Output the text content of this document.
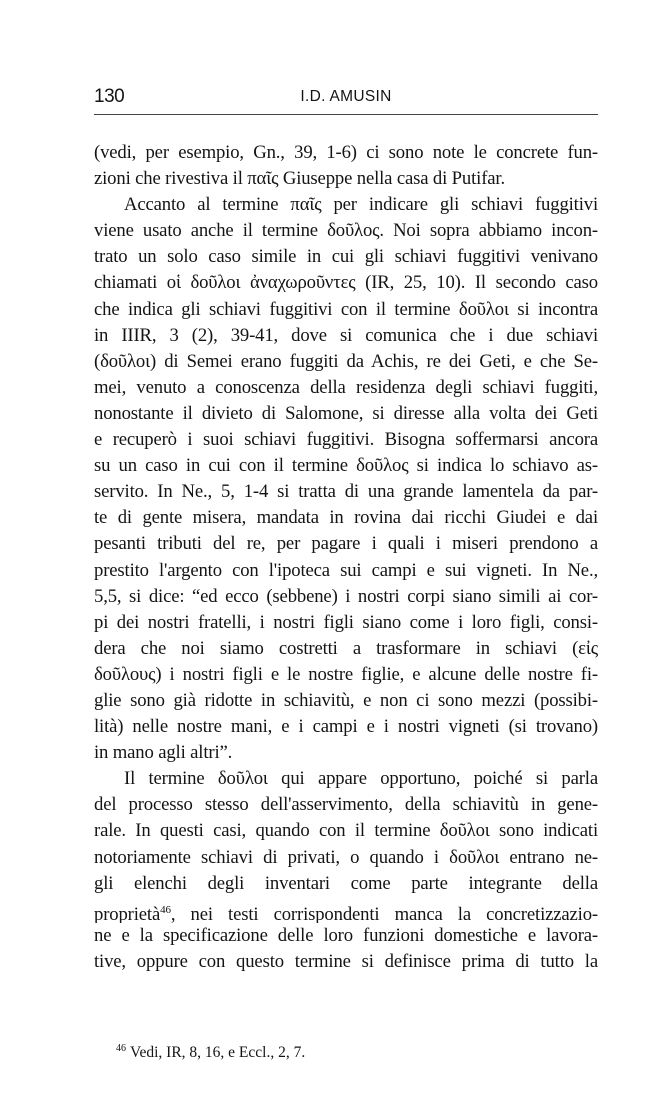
130	I.D. AMUSIN
(vedi, per esempio, Gn., 39, 1-6) ci sono note le concrete fun-
zioni che rivestiva il παῖς Giuseppe nella casa di Putifar.
Accanto al termine παῖς per indicare gli schiavi fuggitivi
viene usato anche il termine δοῦλος. Noi sopra abbiamo incon-
trato un solo caso simile in cui gli schiavi fuggitivi venivano
chiamati οἱ δοῦλοι ἀναχωροῦντες (IR, 25, 10). Il secondo caso
che indica gli schiavi fuggitivi con il termine δοῦλοι si incontra
in IIIR, 3 (2), 39-41, dove si comunica che i due schiavi
(δοῦλοι) di Semei erano fuggiti da Achis, re dei Geti, e che Se-
mei, venuto a conoscenza della residenza degli schiavi fuggiti,
nonostante il divieto di Salomone, si diresse alla volta dei Geti
e recuperò i suoi schiavi fuggitivi. Bisogna soffermarsi ancora
su un caso in cui con il termine δοῦλος si indica lo schiavo as-
servito. In Ne., 5, 1-4 si tratta di una grande lamentela da par-
te di gente misera, mandata in rovina dai ricchi Giudei e dai
pesanti tributi del re, per pagare i quali i miseri prendono a
prestito l'argento con l'ipoteca sui campi e sui vigneti. In Ne.,
5,5, si dice: “ed ecco (sebbene) i nostri corpi siano simili ai cor-
pi dei nostri fratelli, i nostri figli siano come i loro figli, consi-
dera che noi siamo costretti a trasformare in schiavi (εἰς
δοῦλους) i nostri figli e le nostre figlie, e alcune delle nostre fi-
glie sono già ridotte in schiavitù, e non ci sono mezzi (possibi-
lità) nelle nostre mani, e i campi e i nostri vigneti (si trovano)
in mano agli altri”.
Il termine δοῦλοι qui appare opportuno, poiché si parla
del processo stesso dell'asservimento, della schiavitù in gene-
rale. In questi casi, quando con il termine δοῦλοι sono indicati
notoriamente schiavi di privati, o quando i δοῦλοι entrano ne-
gli elenchi degli inventari come parte integrante della
proprietà$^{46}$, nei testi corrispondenti manca la concretizzazio-
ne e la specificazione delle loro funzioni domestiche e lavora-
tive, oppure con questo termine si definisce prima di tutto la
$^{46}$ Vedi, IR, 8, 16, e Eccl., 2, 7.
